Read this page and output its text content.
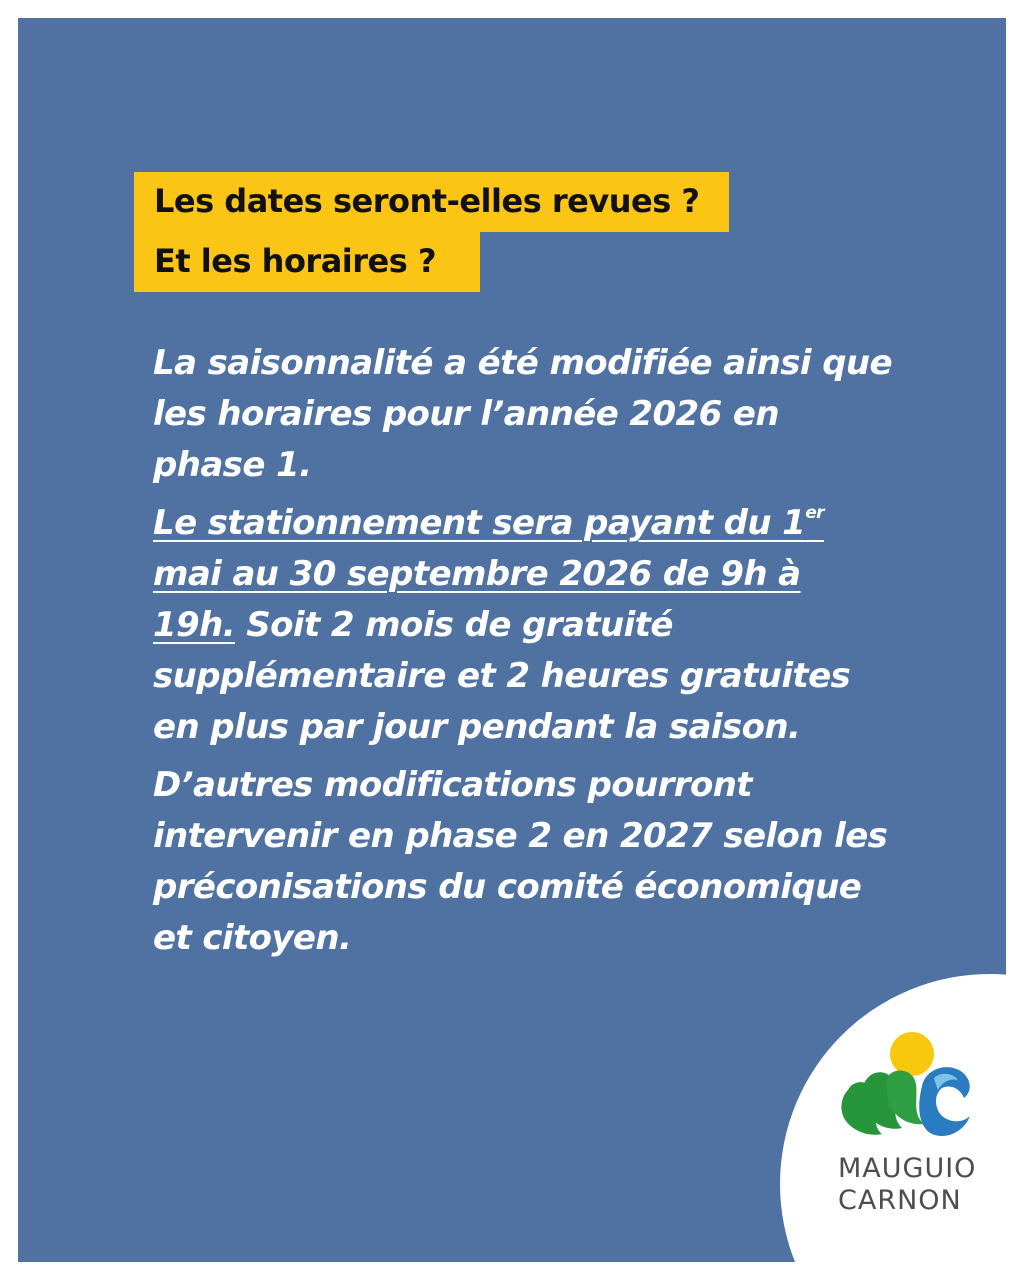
Les dates seront-elles revues ?
Et les horaires ?

La saisonnalité a été modifiée ainsi que les horaires pour l’année 2026 en phase 1.

Le stationnement sera payant du 1er mai au 30 septembre 2026 de 9h à 19h. Soit 2 mois de gratuité supplémentaire et 2 heures gratuites en plus par jour pendant la saison.

D’autres modifications pourront intervenir en phase 2 en 2027 selon les préconisations du comité économique et citoyen.

MAUGUIO
CARNON
